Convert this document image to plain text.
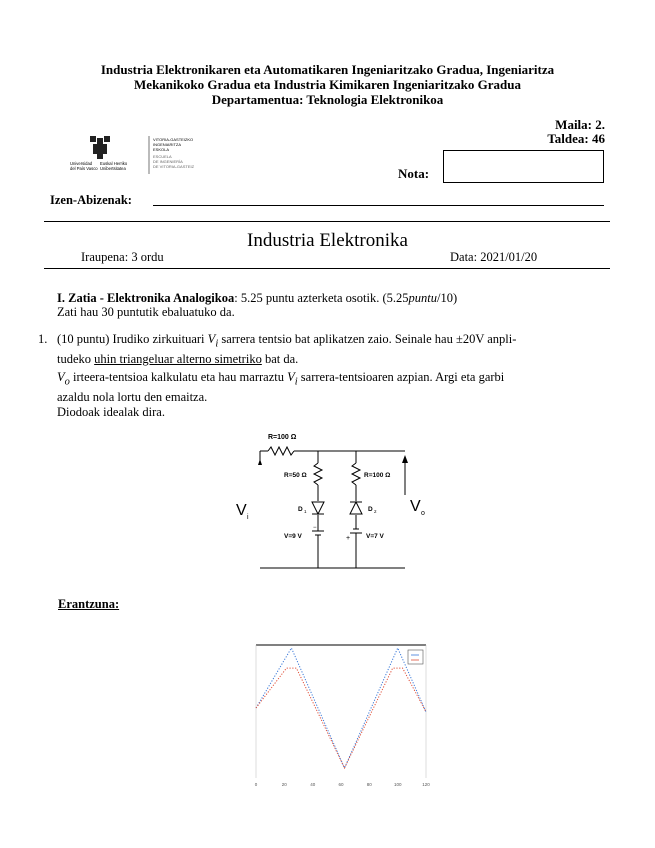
Industria Elektronikaren eta Automatikaren Ingeniaritzako Gradua, Ingeniaritza
Mekanikoko Gradua eta Industria Kimikaren Ingeniaritzako Gradua
Departamentua: Teknologia Elektronikoa
Maila: 2.
Taldea: 46
Universidad
del País Vasco
Euskal Herriko
Unibertsitatea
VITORIA-GASTEIZKO
INGENIARITZA
ESKOLA
ESCUELA
DE INGENIERÍA
DE VITORIA-GASTEIZ	Nota:
Izen-Abizenak:
Industria Elektronika
Iraupena: 3 ordu	Data: 2021/01/20
I. Zatia - Elektronika Analogikoa: 5.25 puntu azterketa osotik. (5.25puntu/10)
Zati hau 30 puntutik ebaluatuko da.
1. (10 puntu) Irudiko zirkuituari $V_i$ sarrera tentsio bat aplikatzen zaio. Seinale hau ±20V anpli-
tudeko uhin triangeluar alterno simetriko bat da.
$V_o$ irteera-tentsioa kalkulatu eta hau marraztu $V_i$ sarrera-tentsioaren azpian. Argi eta garbi
azaldu nola lortu den emaitza.
Diodoak idealak dira.
R=100 Ω
R=50 Ω	R=100 Ω
D 1	D 2
V=9 V	V=7 V
−
+
V i
V o
Erantzuna:
0	20	40	60	80	100	120
